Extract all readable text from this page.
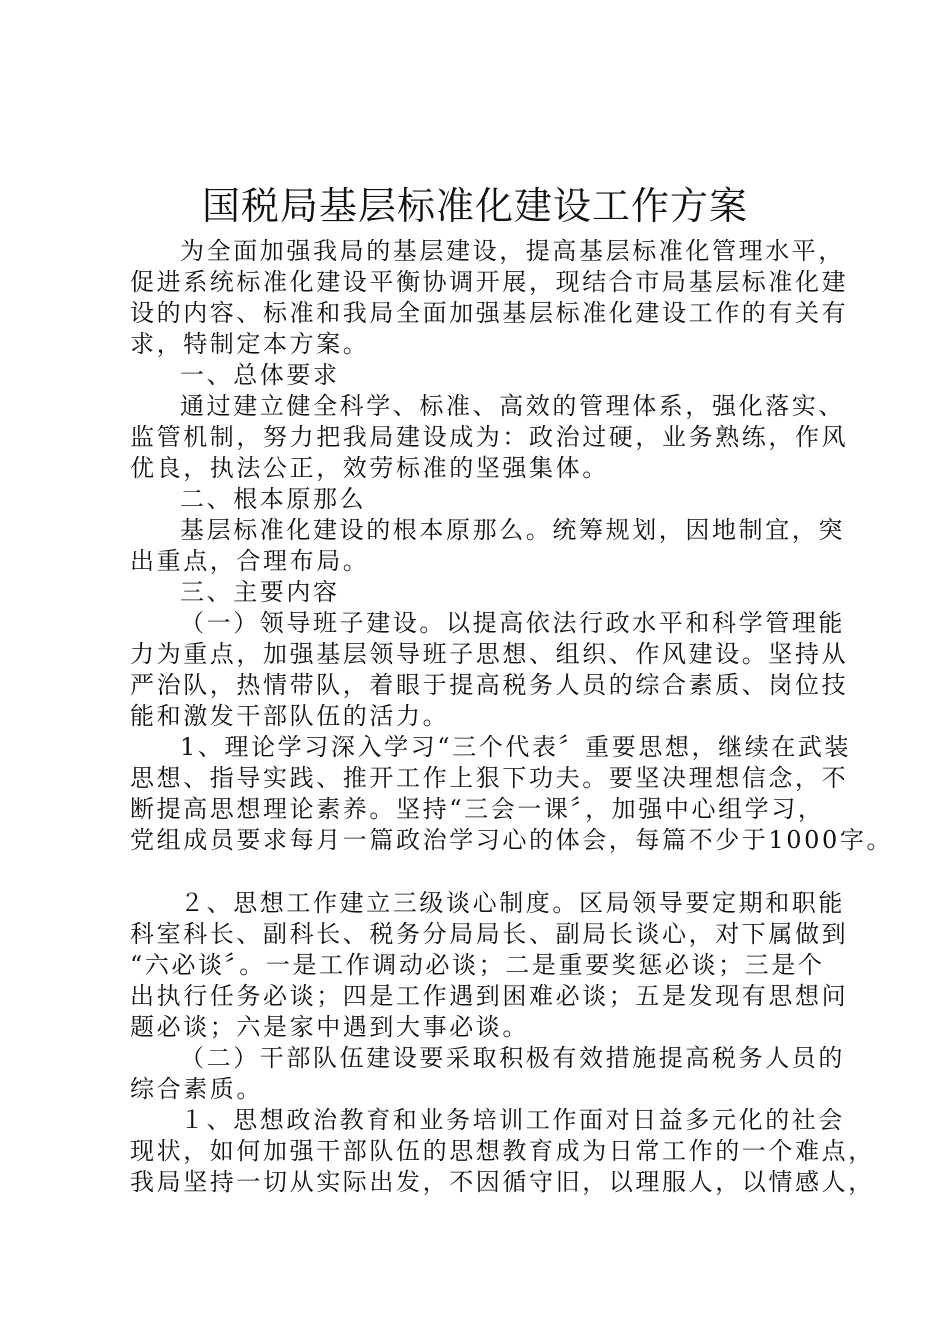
国税局基层标准化建设工作方案
为全面加强我局的基层建设，提高基层标准化管理水平，
促进系统标准化建设平衡协调开展，现结合市局基层标准化建
设的内容、标准和我局全面加强基层标准化建设工作的有关有
求，特制定本方案。
一、总体要求
通过建立健全科学、标准、高效的管理体系，强化落实、
监管机制，努力把我局建设成为：政治过硬，业务熟练，作风
优良，执法公正，效劳标准的坚强集体。
二、根本原那么
基层标准化建设的根本原那么。统筹规划，因地制宜，突
出重点，合理布局。
三、主要内容
（一）领导班子建设。以提高依法行政水平和科学管理能
力为重点，加强基层领导班子思想、组织、作风建设。坚持从
严治队，热情带队，着眼于提高税务人员的综合素质、岗位技
能和激发干部队伍的活力。
1、理论学习深入学习“三个代表〞重要思想，继续在武装
思想、指导实践、推开工作上狠下功夫。要坚决理想信念，不
断提高思想理论素养。坚持“三会一课〞，加强中心组学习，
党组成员要求每月一篇政治学习心的体会，每篇不少于1000字。
２、思想工作建立三级谈心制度。区局领导要定期和职能
科室科长、副科长、税务分局局长、副局长谈心，对下属做到
“六必谈〞。一是工作调动必谈；二是重要奖惩必谈；三是个
出执行任务必谈；四是工作遇到困难必谈；五是发现有思想问
题必谈；六是家中遇到大事必谈。
（二）干部队伍建设要采取积极有效措施提高税务人员的
综合素质。
１、思想政治教育和业务培训工作面对日益多元化的社会
现状，如何加强干部队伍的思想教育成为日常工作的一个难点，
我局坚持一切从实际出发，不因循守旧，以理服人，以情感人，
